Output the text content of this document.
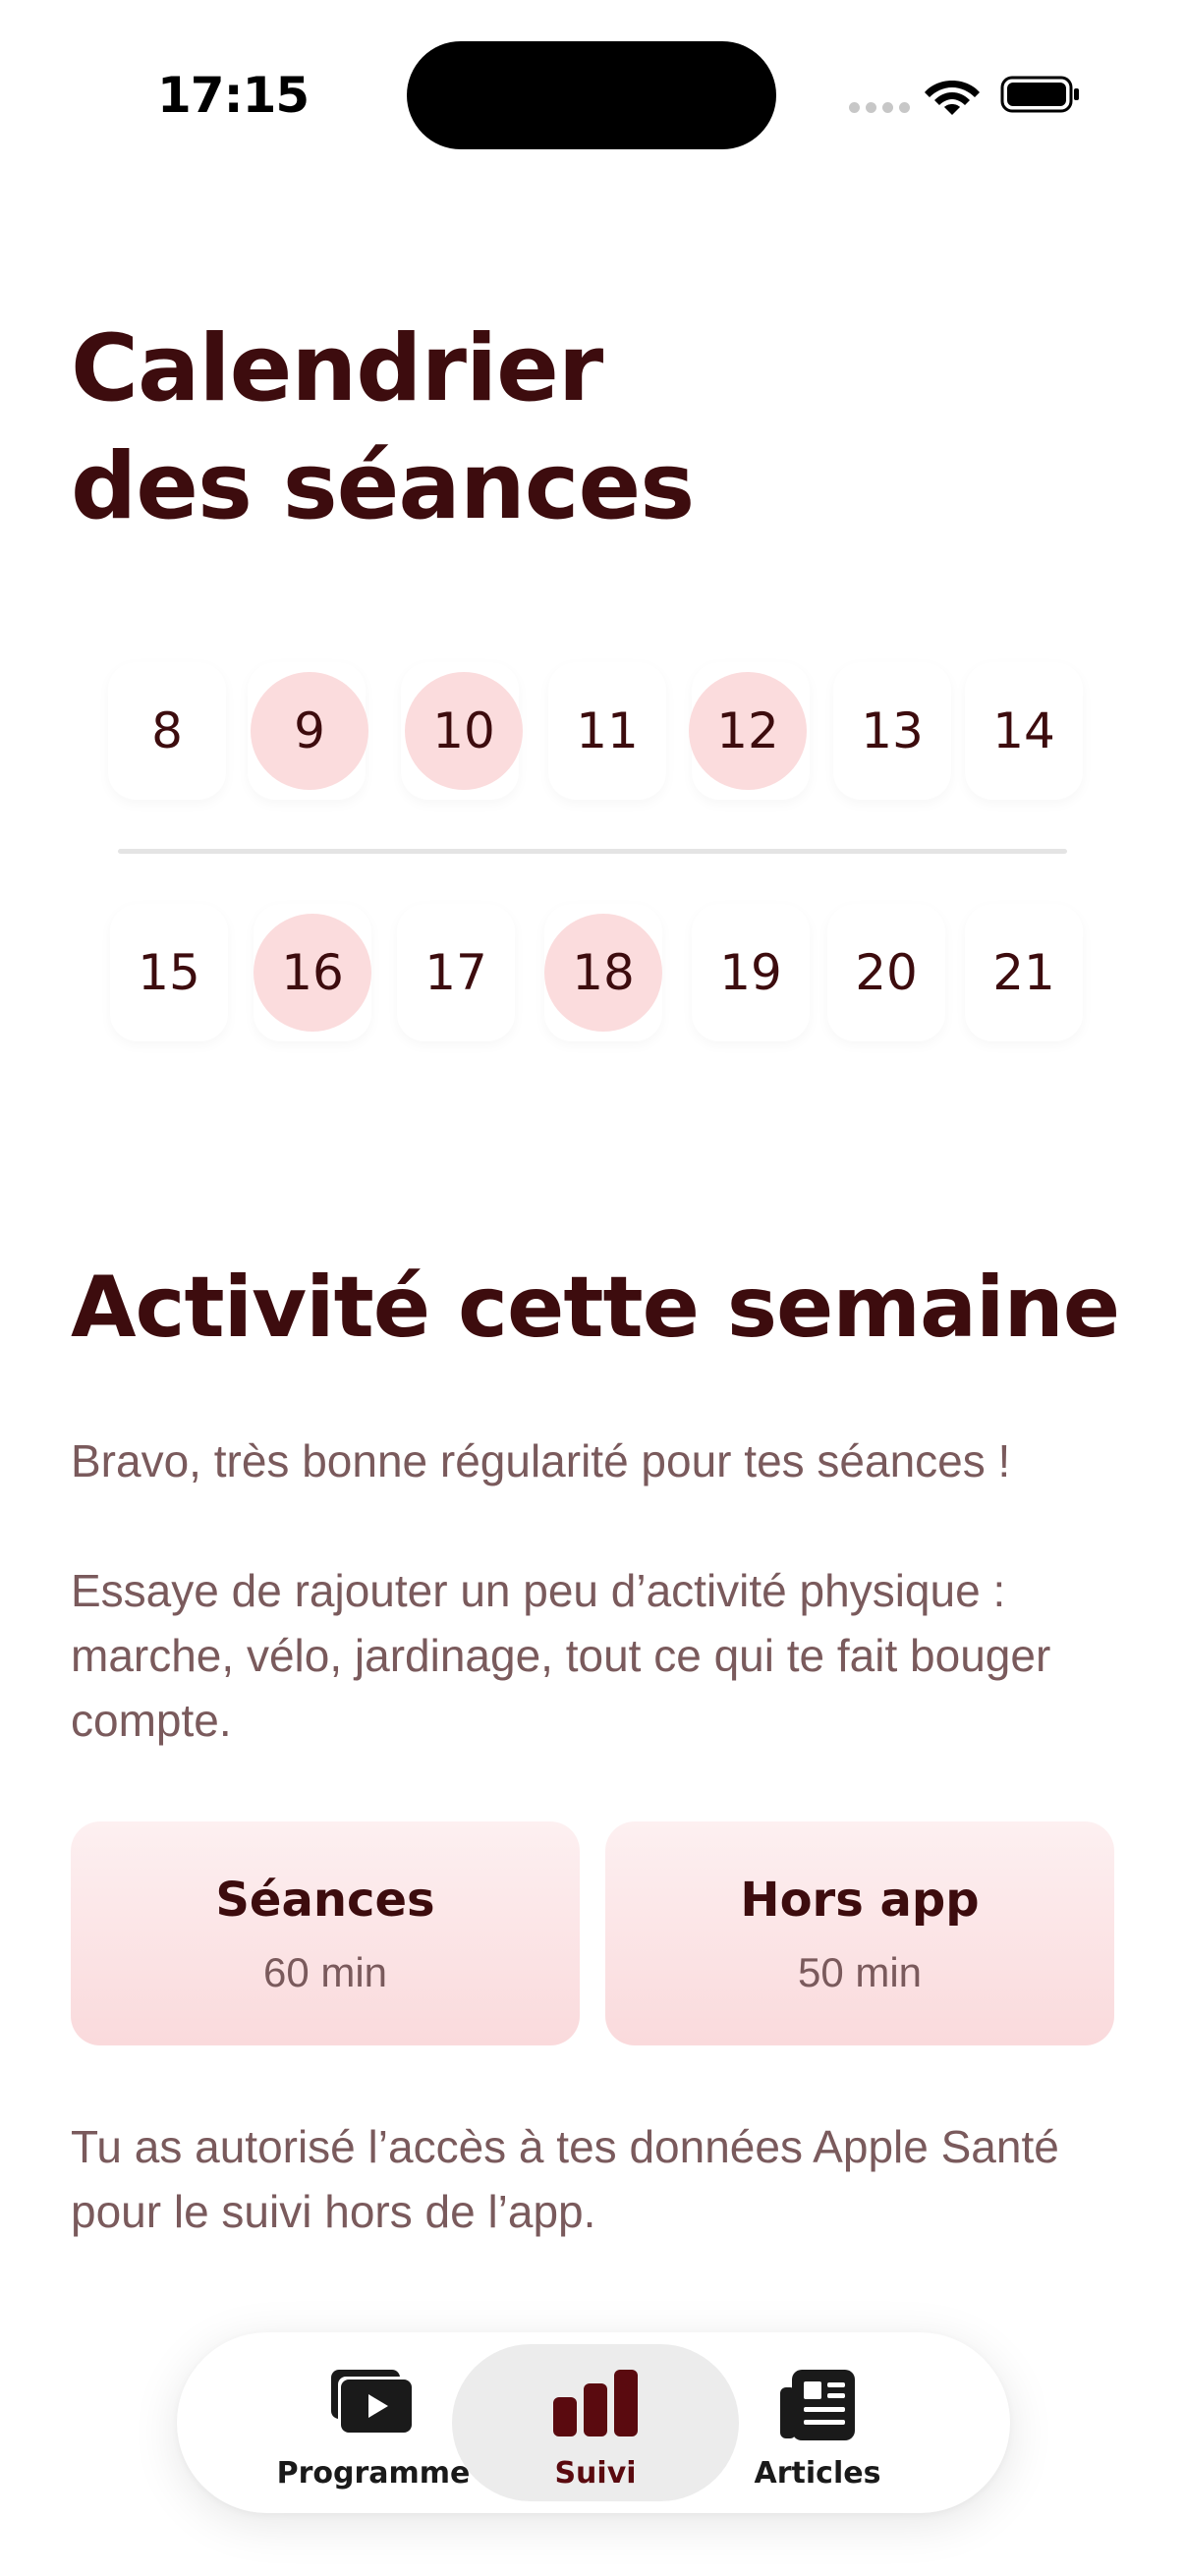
17:15
Calendrier
des séances
8	9	10	11	12	13	14
15	16	17	18	19	20	21
Activité cette semaine
Bravo, très bonne régularité pour tes séances !
Essaye de rajouter un peu d’activité physique : marche, vélo, jardinage, tout ce qui te fait bouger compte.
Séances
60 min
Hors app
50 min
Tu as autorisé l’accès à tes données Apple Santé pour le suivi hors de l’app.
Programme	Suivi	Articles
